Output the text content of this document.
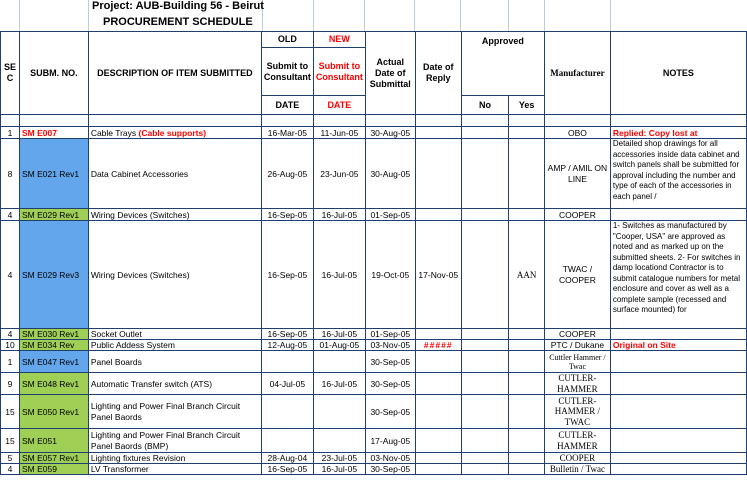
Project: AUB-Building 56 - Beirut
PROCUREMENT SCHEDULE
SE C	SUBM. NO.	DESCRIPTION OF ITEM SUBMITTED	OLD	NEW	Actual Date of Submittal	Date of Reply	Approved		Manufacturer	NOTES
			Submit to Consultant	Submit to Consultant						
			DATE	DATE			No	Yes		

1	SM E007	Cable Trays (Cable supports)	16-Mar-05	11-Jun-05	30-Aug-05				OBO	Replied: Copy lost at
8	SM E021 Rev1	Data Cabinet Accessories	26-Aug-05	23-Jun-05	30-Aug-05				AMP / AMIL ON LINE	Detailed shop drawings for all accessories inside data cabinet and switch panels shall be submitted for approval including the number and type of each of the accessories in each panel /
4	SM E029 Rev1	Wiring Devices (Switches)	16-Sep-05	16-Jul-05	01-Sep-05				COOPER	
4	SM E029 Rev3	Wiring Devices (Switches)	16-Sep-05	16-Jul-05	19-Oct-05	17-Nov-05		AAN	TWAC / COOPER	1- Switches as manufactured by "Cooper, USA" are approved as noted and as marked up on the submitted sheets. 2- For switches in damp locationd Contractor is to submit catalogue numbers for metal enclosure and cover as well as a complete sample (recessed and surface mounted) for
4	SM E030 Rev1	Socket Outlet	16-Sep-05	16-Jul-05	01-Sep-05				COOPER	
10	SM E034 Rev	Public Addess System	12-Aug-05	01-Aug-05	03-Nov-05	#####			PTC / Dukane	Original on Site
1	SM E047 Rev1	Panel Boards			30-Sep-05				Cuttler Hammer / Twac	
9	SM E048 Rev1	Automatic Transfer switch (ATS)	04-Jul-05	16-Jul-05	30-Sep-05				CUTLER-HAMMER	
15	SM E050 Rev1	Lighting and Power Final Branch Circuit Panel Baords			30-Sep-05				CUTLER-HAMMER / TWAC	
15	SM E051	Lighting and Power Final Branch Circuit Panel Baords (BMP)			17-Aug-05				CUTLER-HAMMER	
5	SM E057 Rev1	Lighting fixtures Revision	28-Aug-04	23-Jul-05	03-Nov-05				COOPER	
4	SM E059	LV Transformer	16-Sep-05	16-Jul-05	30-Sep-05				Bulletin / Twac	
